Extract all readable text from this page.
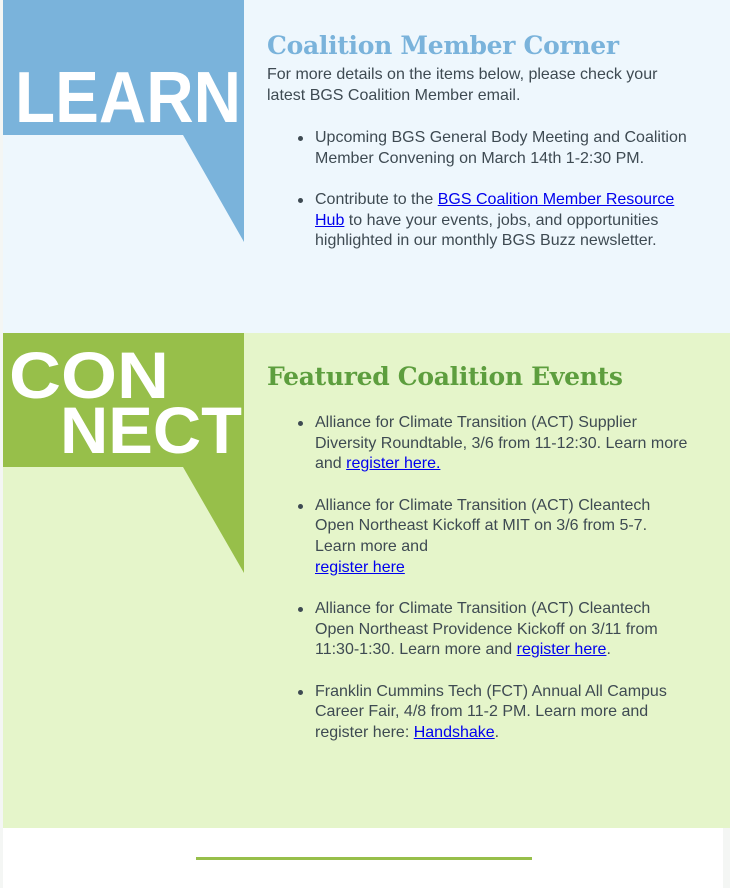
LEARN
Coalition Member Corner

For more details on the items below, please check your latest BGS Coalition Member email.

Upcoming BGS General Body Meeting and Coalition Member Convening on March 14th 1-2:30 PM.
Contribute to the BGS Coalition Member Resource Hub to have your events, jobs, and opportunities highlighted in our monthly BGS Buzz newsletter.
CON
NECT
Featured Coalition Events
Alliance for Climate Transition (ACT) Supplier Diversity Roundtable, 3/6 from 11-12:30. Learn more and register here.
Alliance for Climate Transition (ACT) Cleantech Open Northeast Kickoff at MIT on 3/6 from 5-7. Learn more and
register here
Alliance for Climate Transition (ACT) Cleantech Open Northeast Providence Kickoff on 3/11 from 11:30-1:30. Learn more and register here.
Franklin Cummins Tech (FCT) Annual All Campus Career Fair, 4/8 from 11-2 PM. Learn more and register here: Handshake.
